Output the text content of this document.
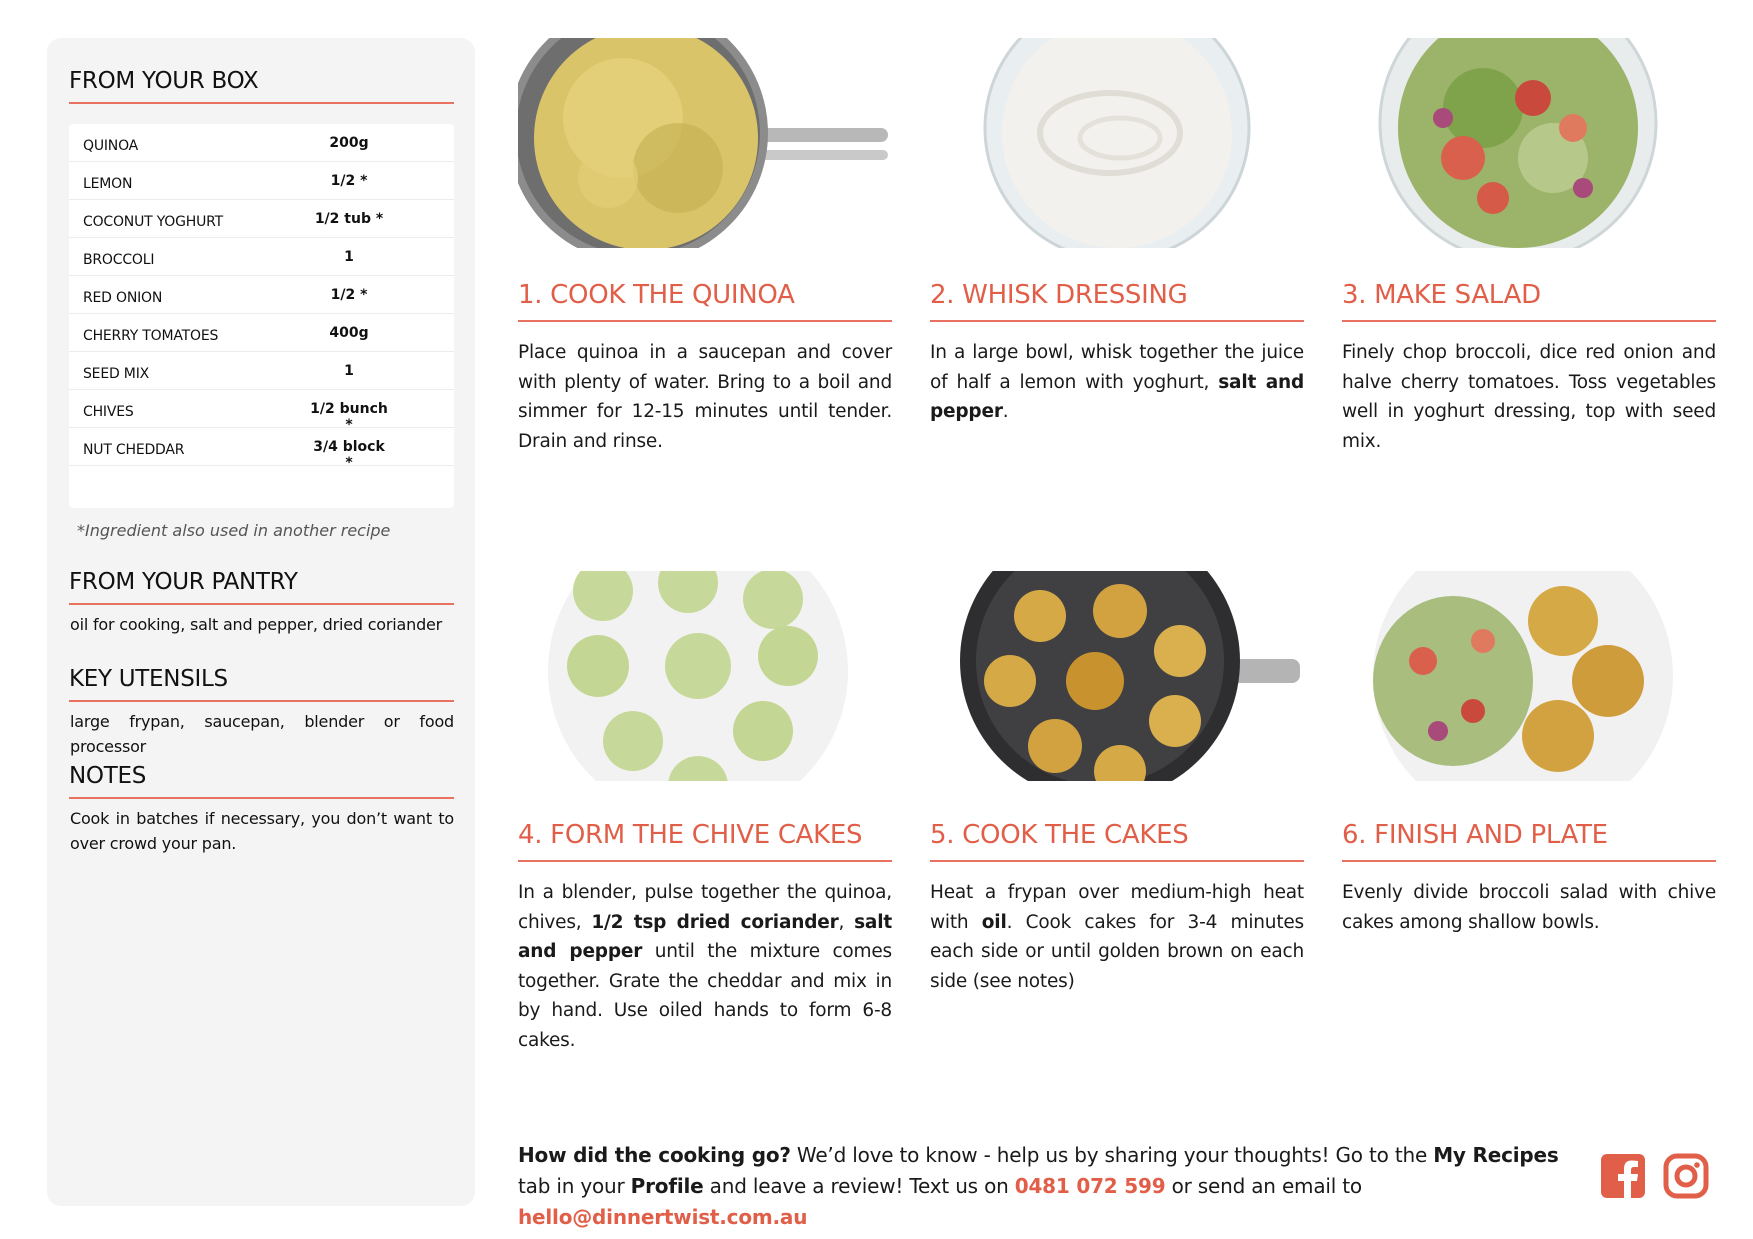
FROM YOUR BOX
QUINOA	200g
LEMON	1/2 *
COCONUT YOGHURT	1/2 tub *
BROCCOLI	1
RED ONION	1/2 *
CHERRY TOMATOES	400g
SEED MIX	1
CHIVES	1/2 bunch *
NUT CHEDDAR	3/4 block *
*Ingredient also used in another recipe
FROM YOUR PANTRY
oil for cooking, salt and pepper, dried coriander
KEY UTENSILS
large frypan, saucepan, blender or food processor
NOTES
Cook in batches if necessary, you don’t want to over crowd your pan.
1. COOK THE QUINOA
Place quinoa in a saucepan and cover with plenty of water. Bring to a boil and simmer for 12-15 minutes until tender. Drain and rinse.
2. WHISK DRESSING
In a large bowl, whisk together the juice of half a lemon with yoghurt, salt and pepper.
3. MAKE SALAD
Finely chop broccoli, dice red onion and halve cherry tomatoes. Toss vegetables well in yoghurt dressing, top with seed mix.
4. FORM THE CHIVE CAKES
In a blender, pulse together the quinoa, chives, 1/2 tsp dried coriander, salt and pepper until the mixture comes together. Grate the cheddar and mix in by hand. Use oiled hands to form 6-8 cakes.
5. COOK THE CAKES
Heat a frypan over medium-high heat with oil. Cook cakes for 3-4 minutes each side or until golden brown on each side (see notes)
6. FINISH AND PLATE
Evenly divide broccoli salad with chive cakes among shallow bowls.
How did the cooking go? We’d love to know - help us by sharing your thoughts! Go to the My Recipes tab in your Profile and leave a review! Text us on 0481 072 599 or send an email to hello@dinnertwist.com.au
